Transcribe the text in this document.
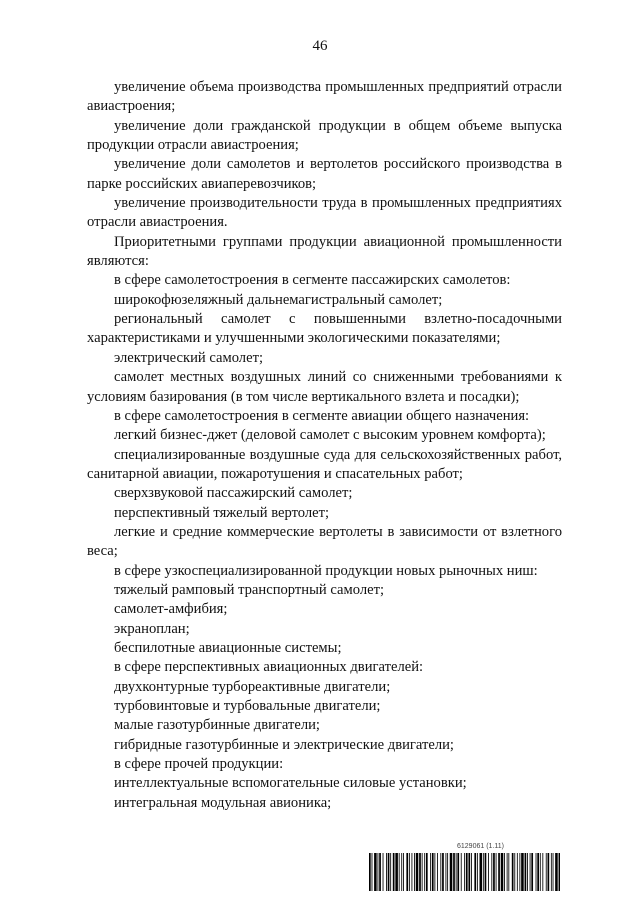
46

увеличение объема производства промышленных предприятий отрасли авиастроения;

увеличение доли гражданской продукции в общем объеме выпуска продукции отрасли авиастроения;

увеличение доли самолетов и вертолетов российского производства в парке российских авиаперевозчиков;

увеличение производительности труда в промышленных предприятиях отрасли авиастроения.

Приоритетными группами продукции авиационной промышленности являются:

в сфере самолетостроения в сегменте пассажирских самолетов:

широкофюзеляжный дальнемагистральный самолет;

региональный самолет с повышенными взлетно-посадочными характеристиками и улучшенными экологическими показателями;

электрический самолет;

самолет местных воздушных линий со сниженными требованиями к условиям базирования (в том числе вертикального взлета и посадки);

в сфере самолетостроения в сегменте авиации общего назначения:

легкий бизнес-джет (деловой самолет с высоким уровнем комфорта);

специализированные воздушные суда для сельскохозяйственных работ, санитарной авиации, пожаротушения и спасательных работ;

сверхзвуковой пассажирский самолет;

перспективный тяжелый вертолет;

легкие и средние коммерческие вертолеты в зависимости от взлетного веса;

в сфере узкоспециализированной продукции новых рыночных ниш:

тяжелый рамповый транспортный самолет;

самолет-амфибия;

экраноплан;

беспилотные авиационные системы;

в сфере перспективных авиационных двигателей:

двухконтурные турбореактивные двигатели;

турбовинтовые и турбовальные двигатели;

малые газотурбинные двигатели;

гибридные газотурбинные и электрические двигатели;

в сфере прочей продукции:

интеллектуальные вспомогательные силовые установки;

интегральная модульная авионика;

6129061 (1.11)
